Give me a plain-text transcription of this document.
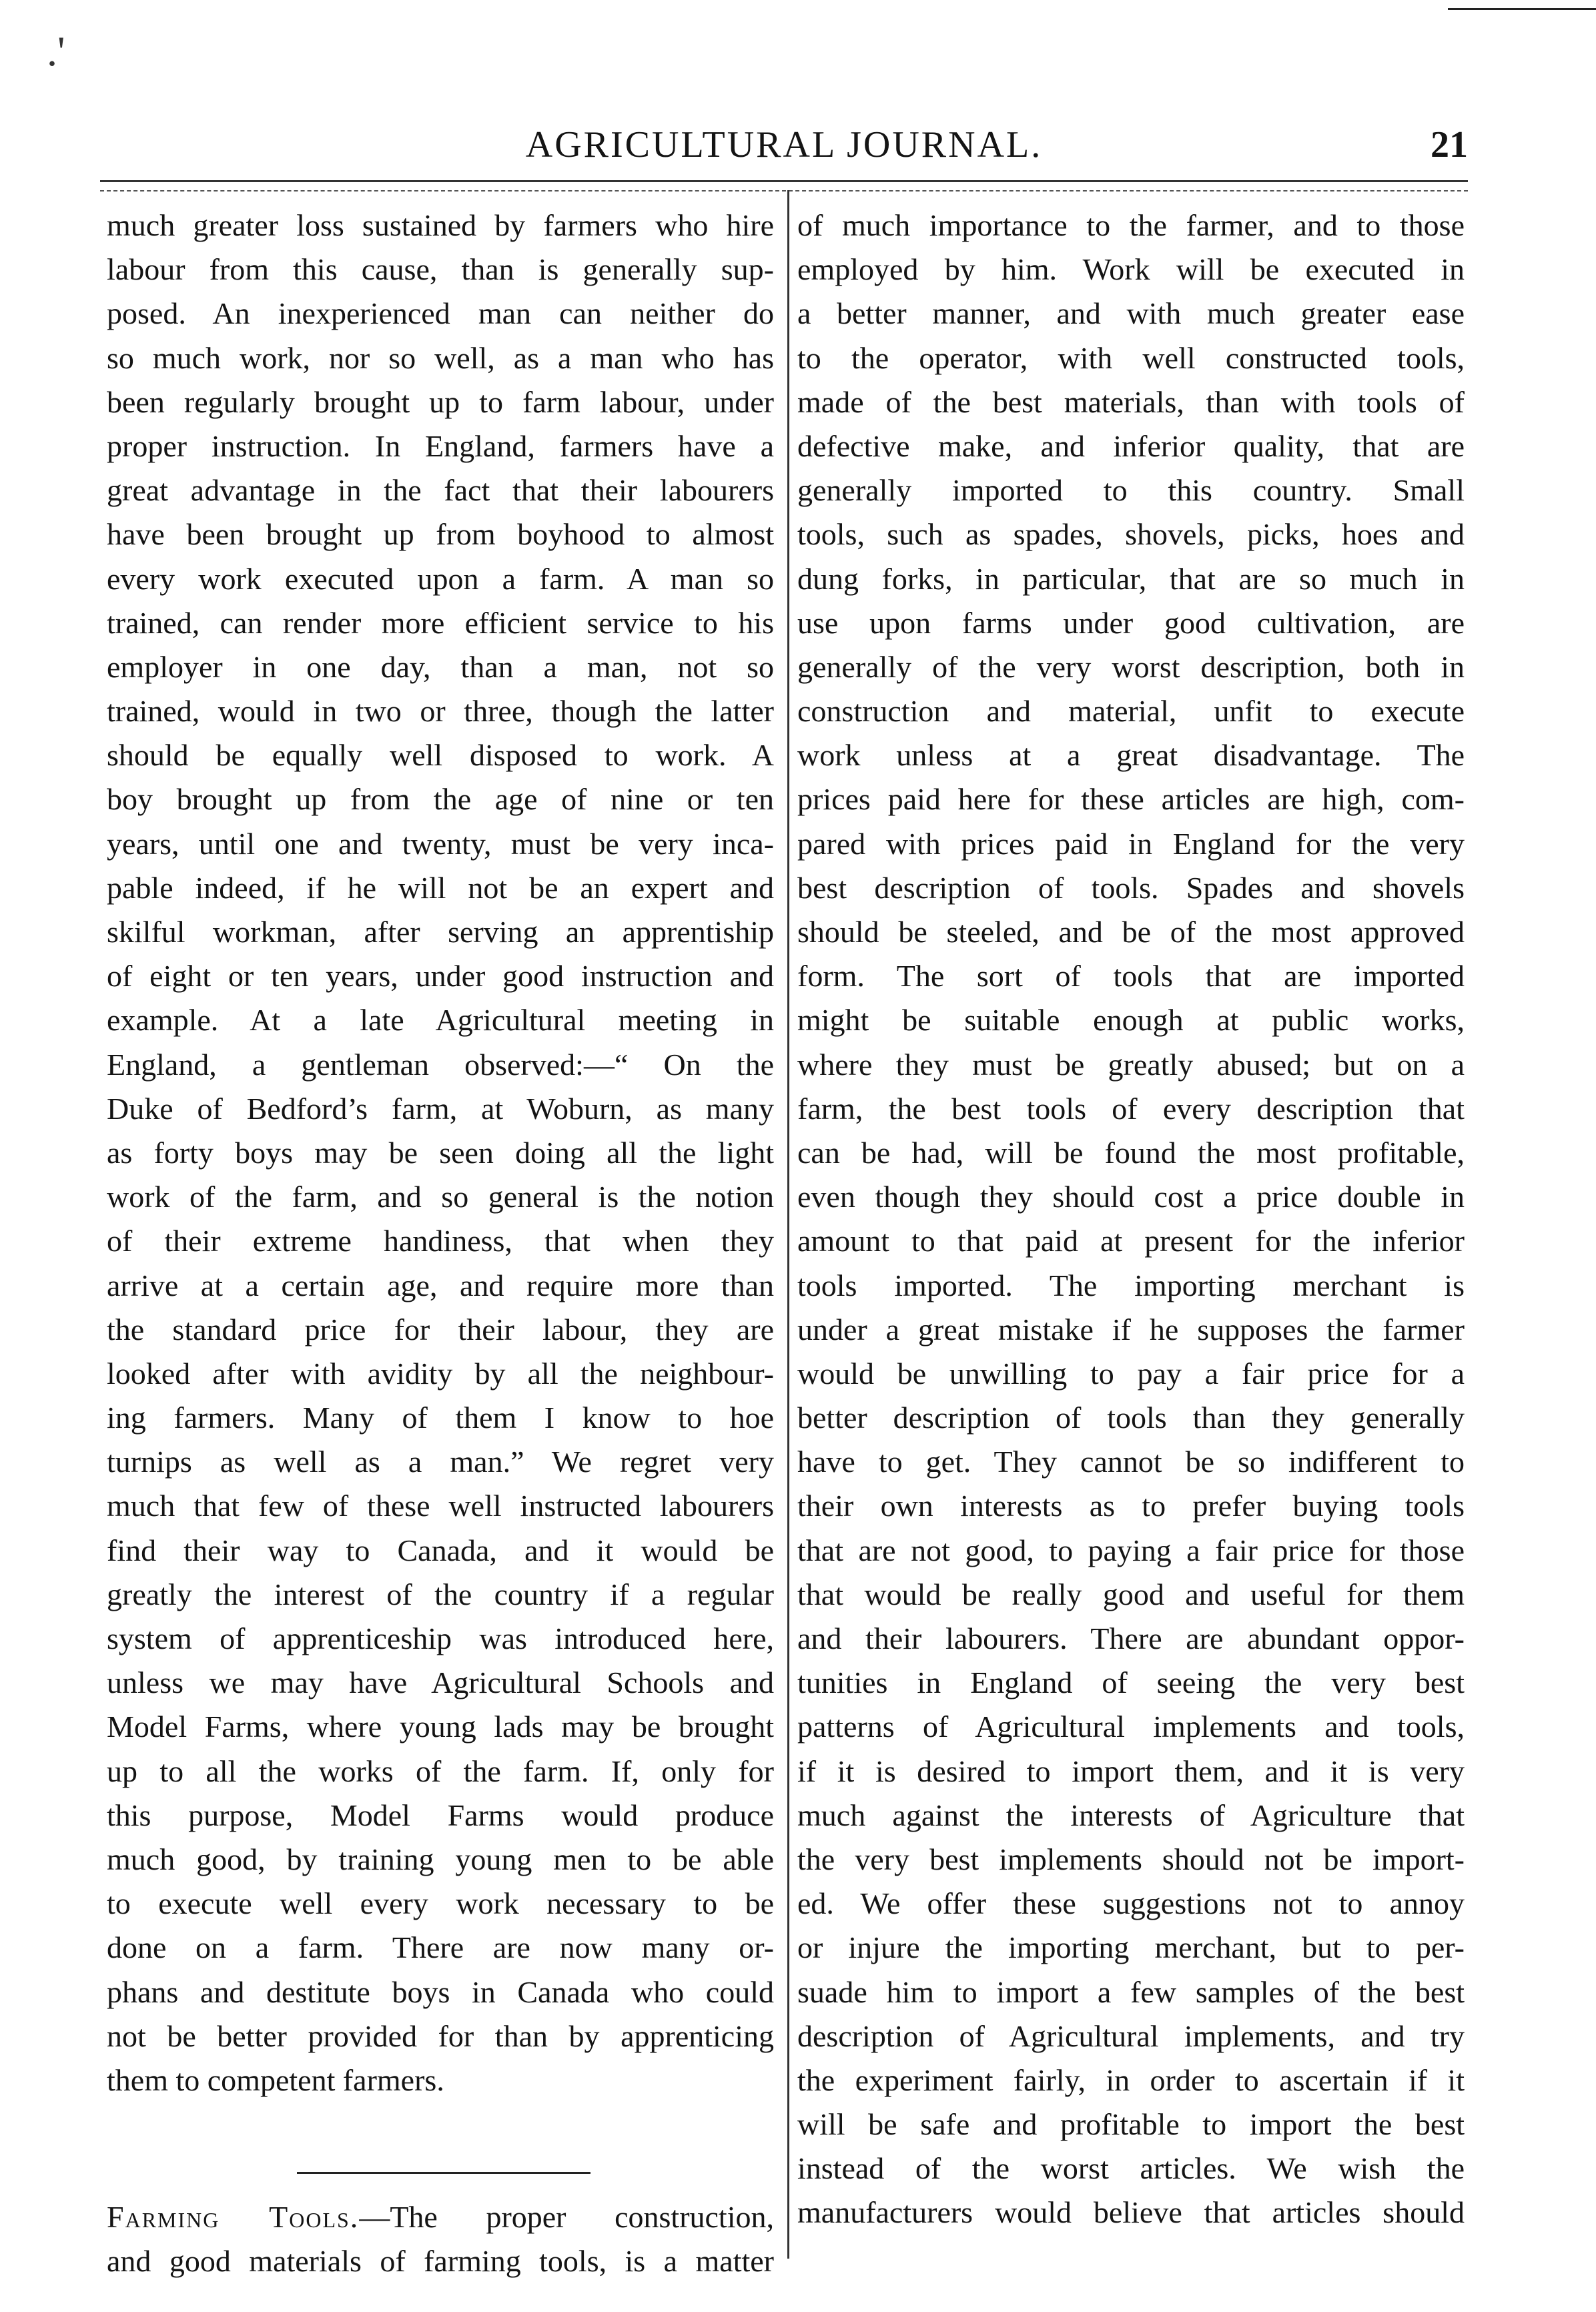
.'
AGRICULTURAL JOURNAL.	21
much greater loss sustained by farmers who hire
labour from this cause, than is generally sup-
posed. An inexperienced man can neither do
so much work, nor so well, as a man who has
been regularly brought up to farm labour, under
proper instruction. In England, farmers have a
great advantage in the fact that their labourers
have been brought up from boyhood to almost
every work executed upon a farm. A man so
trained, can render more efficient service to his
employer in one day, than a man, not so
trained, would in two or three, though the latter
should be equally well disposed to work. A
boy brought up from the age of nine or ten
years, until one and twenty, must be very inca-
pable indeed, if he will not be an expert and
skilful workman, after serving an apprentiship
of eight or ten years, under good instruction and
example. At a late Agricultural meeting in
England, a gentleman observed:—“ On the
Duke of Bedford’s farm, at Woburn, as many
as forty boys may be seen doing all the light
work of the farm, and so general is the notion
of their extreme handiness, that when they
arrive at a certain age, and require more than
the standard price for their labour, they are
looked after with avidity by all the neighbour-
ing farmers. Many of them I know to hoe
turnips as well as a man.” We regret very
much that few of these well instructed labourers
find their way to Canada, and it would be
greatly the interest of the country if a regular
system of apprenticeship was introduced here,
unless we may have Agricultural Schools and
Model Farms, where young lads may be brought
up to all the works of the farm. If, only for
this purpose, Model Farms would produce
much good, by training young men to be able
to execute well every work necessary to be
done on a farm. There are now many or-
phans and destitute boys in Canada who could
not be better provided for than by apprenticing
them to competent farmers.
of much importance to the farmer, and to those
employed by him. Work will be executed in
a better manner, and with much greater ease
to the operator, with well constructed tools,
made of the best materials, than with tools of
defective make, and inferior quality, that are
generally imported to this country. Small
tools, such as spades, shovels, picks, hoes and
dung forks, in particular, that are so much in
use upon farms under good cultivation, are
generally of the very worst description, both in
construction and material, unfit to execute
work unless at a great disadvantage. The
prices paid here for these articles are high, com-
pared with prices paid in England for the very
best description of tools. Spades and shovels
should be steeled, and be of the most approved
form. The sort of tools that are imported
might be suitable enough at public works,
where they must be greatly abused; but on a
farm, the best tools of every description that
can be had, will be found the most profitable,
even though they should cost a price double in
amount to that paid at present for the inferior
tools imported. The importing merchant is
under a great mistake if he supposes the farmer
would be unwilling to pay a fair price for a
better description of tools than they generally
have to get. They cannot be so indifferent to
their own interests as to prefer buying tools
that are not good, to paying a fair price for those
that would be really good and useful for them
and their labourers. There are abundant oppor-
tunities in England of seeing the very best
patterns of Agricultural implements and tools,
if it is desired to import them, and it is very
much against the interests of Agriculture that
the very best implements should not be import-
ed. We offer these suggestions not to annoy
or injure the importing merchant, but to per-
suade him to import a few samples of the best
description of Agricultural implements, and try
the experiment fairly, in order to ascertain if it
will be safe and profitable to import the best
instead of the worst articles. We wish the
manufacturers would believe that articles should
Farming Tools.—The proper construction,
and good materials of farming tools, is a matter
